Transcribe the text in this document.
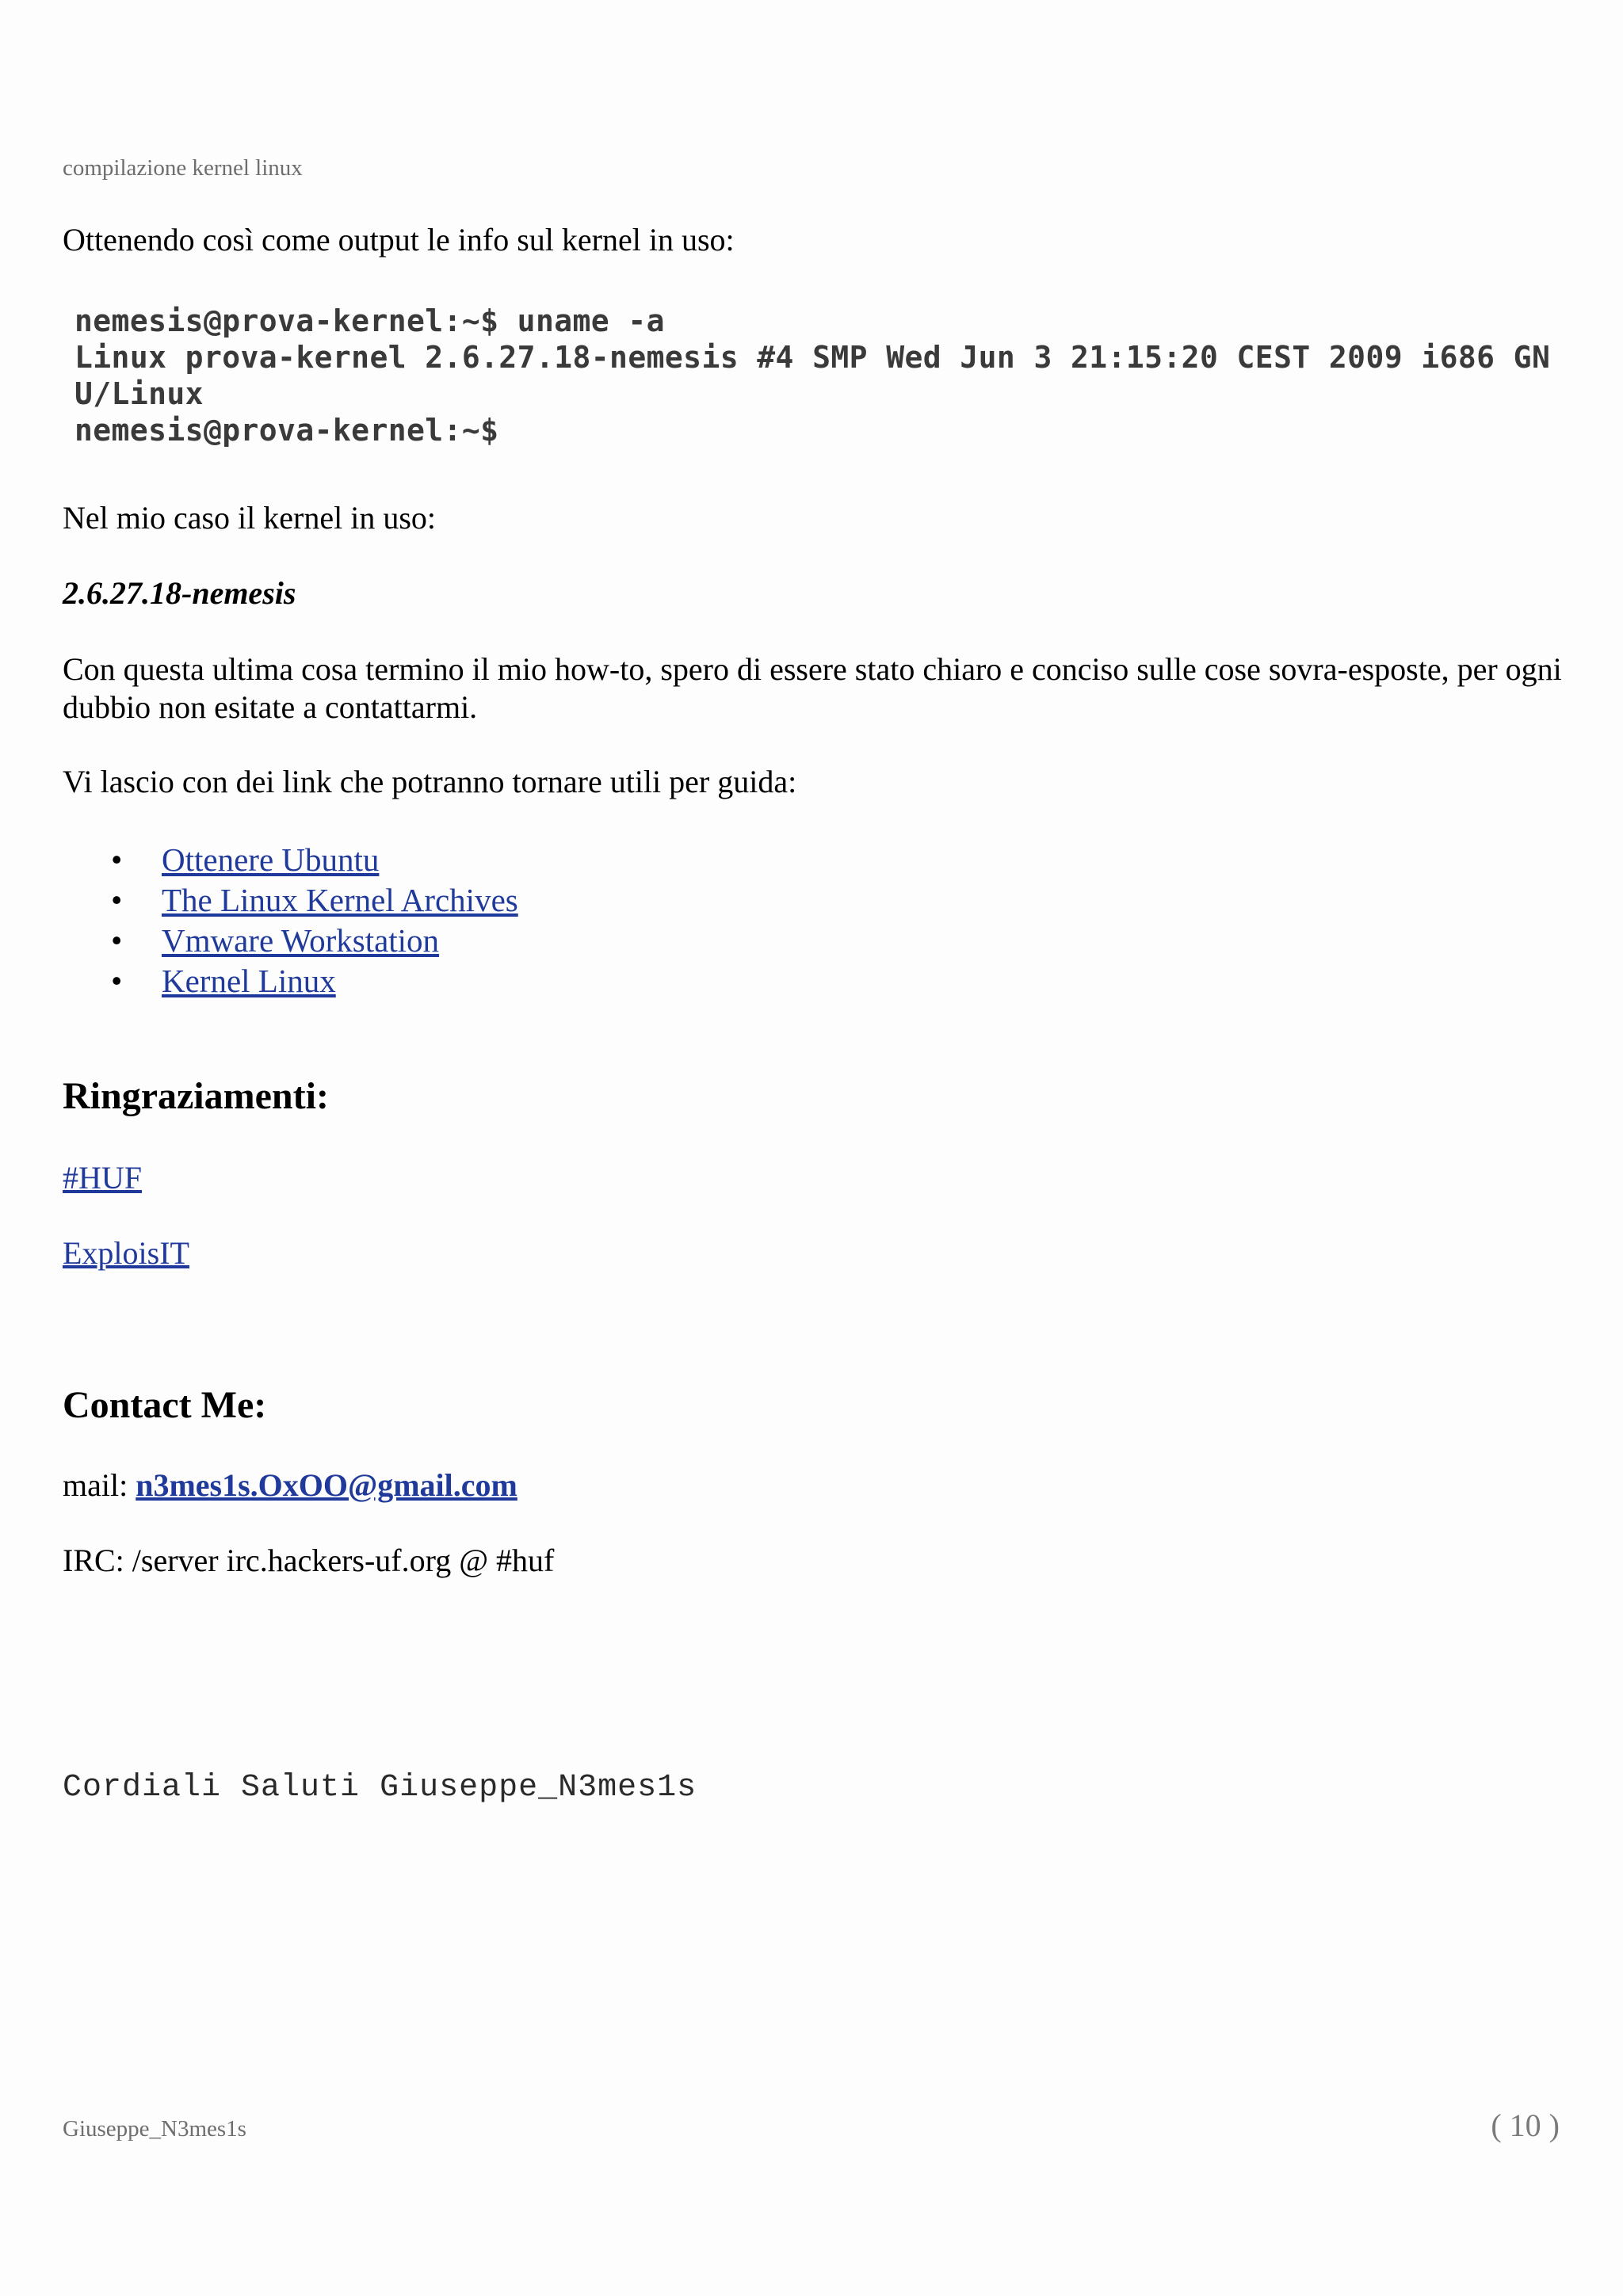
compilazione kernel linux
Ottenendo così come output le info sul kernel in uso:
nemesis@prova-kernel:~$ uname -a
Linux prova-kernel 2.6.27.18-nemesis #4 SMP Wed Jun 3 21:15:20 CEST 2009 i686 GN
U/Linux
nemesis@prova-kernel:~$
Nel mio caso il kernel in uso:
2.6.27.18-nemesis
Con questa ultima cosa termino il mio how-to, spero di essere stato chiaro e conciso sulle cose sovra-esposte, per ogni dubbio non esitate a contattarmi.
Vi lascio con dei link che potranno tornare utili per guida:
• Ottenere Ubuntu
• The Linux Kernel Archives
• Vmware Workstation
• Kernel Linux
Ringraziamenti:
#HUF
ExploisIT
Contact Me:
mail: n3mes1s.OxOO@gmail.com
IRC: /server irc.hackers-uf.org @ #huf
Cordiali Saluti Giuseppe_N3mes1s
Giuseppe_N3mes1s	( 10 )
